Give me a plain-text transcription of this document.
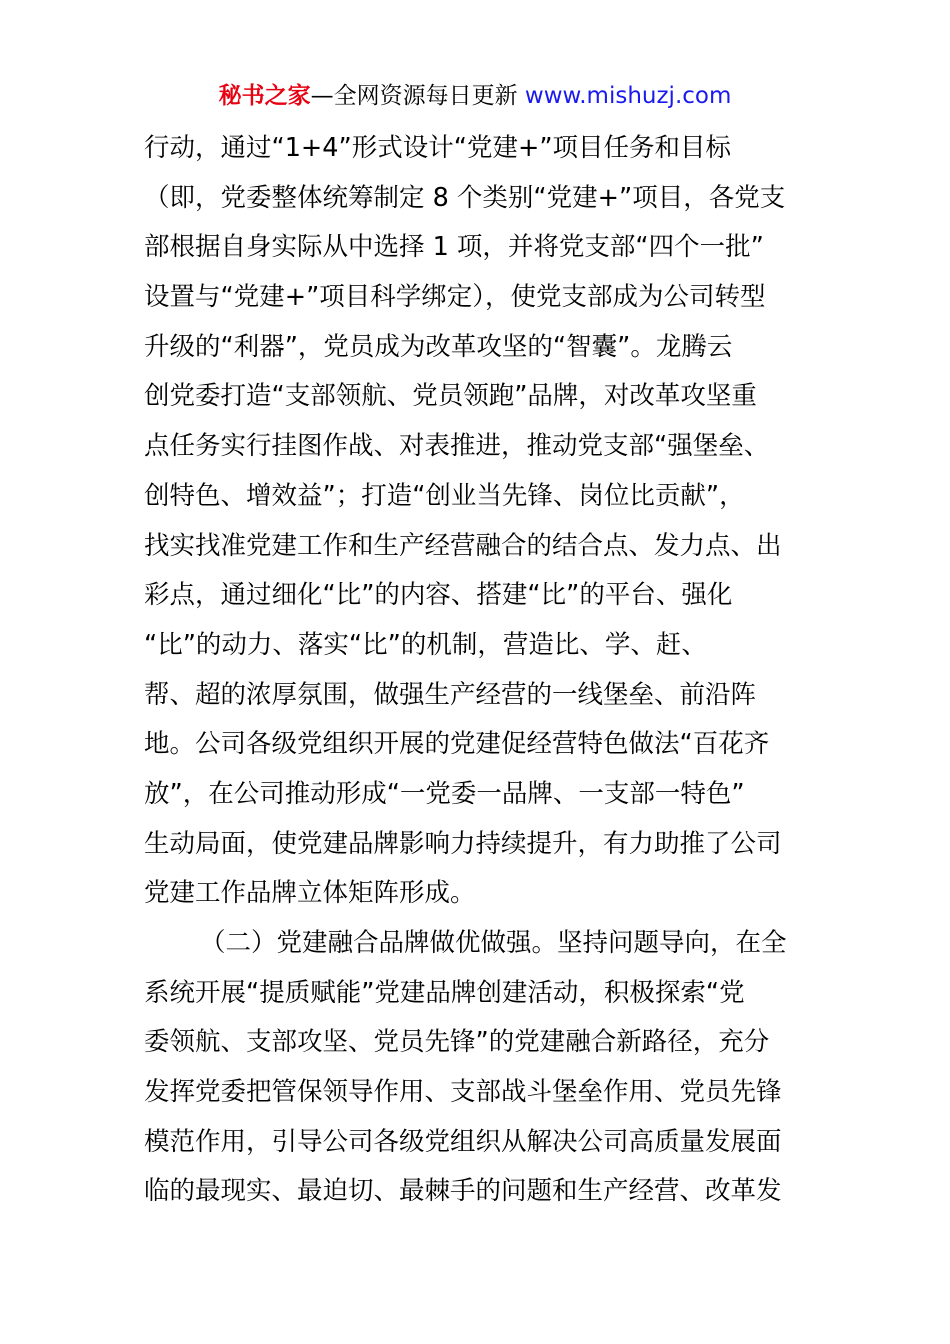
秘书之家—全网资源每日更新 www.mishuzj.com
行动，通过“1+4”形式设计“党建+”项目任务和目标
（即，党委整体统筹制定 8 个类别“党建+”项目，各党支
部根据自身实际从中选择 1 项，并将党支部“四个一批”
设置与“党建+”项目科学绑定），使党支部成为公司转型
升级的“利器”，党员成为改革攻坚的“智囊”。龙腾云
创党委打造“支部领航、党员领跑”品牌，对改革攻坚重
点任务实行挂图作战、对表推进，推动党支部“强堡垒、
创特色、增效益”；打造“创业当先锋、岗位比贡献”，
找实找准党建工作和生产经营融合的结合点、发力点、出
彩点，通过细化“比”的内容、搭建“比”的平台、强化
“比”的动力、落实“比”的机制，营造比、学、赶、
帮、超的浓厚氛围，做强生产经营的一线堡垒、前沿阵
地。公司各级党组织开展的党建促经营特色做法“百花齐
放”，在公司推动形成“一党委一品牌、一支部一特色”
生动局面，使党建品牌影响力持续提升，有力助推了公司
党建工作品牌立体矩阵形成。
（二）党建融合品牌做优做强。坚持问题导向，在全
系统开展“提质赋能”党建品牌创建活动，积极探索“党
委领航、支部攻坚、党员先锋”的党建融合新路径，充分
发挥党委把管保领导作用、支部战斗堡垒作用、党员先锋
模范作用，引导公司各级党组织从解决公司高质量发展面
临的最现实、最迫切、最棘手的问题和生产经营、改革发
